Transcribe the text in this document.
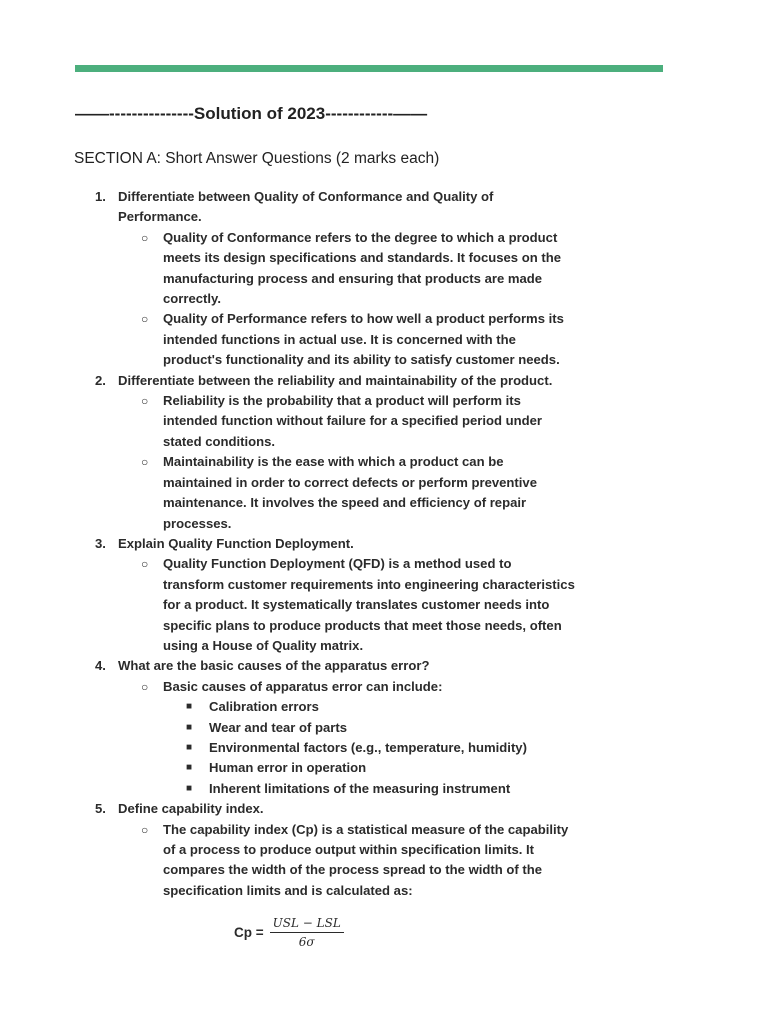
——---------------Solution of 2023------------——
SECTION A: Short Answer Questions (2 marks each)
1. Differentiate between Quality of Conformance and Quality of Performance.
○ Quality of Conformance refers to the degree to which a product meets its design specifications and standards. It focuses on the manufacturing process and ensuring that products are made correctly.
○ Quality of Performance refers to how well a product performs its intended functions in actual use. It is concerned with the product's functionality and its ability to satisfy customer needs.
2. Differentiate between the reliability and maintainability of the product.
○ Reliability is the probability that a product will perform its intended function without failure for a specified period under stated conditions.
○ Maintainability is the ease with which a product can be maintained in order to correct defects or perform preventive maintenance. It involves the speed and efficiency of repair processes.
3. Explain Quality Function Deployment.
○ Quality Function Deployment (QFD) is a method used to transform customer requirements into engineering characteristics for a product. It systematically translates customer needs into specific plans to produce products that meet those needs, often using a House of Quality matrix.
4. What are the basic causes of the apparatus error?
○ Basic causes of apparatus error can include:
■ Calibration errors
■ Wear and tear of parts
■ Environmental factors (e.g., temperature, humidity)
■ Human error in operation
■ Inherent limitations of the measuring instrument
5. Define capability index.
○ The capability index (Cp) is a statistical measure of the capability of a process to produce output within specification limits. It compares the width of the process spread to the width of the specification limits and is calculated as:
$Cp = \frac{\text{USL − LSL}}{6\sigma}$
